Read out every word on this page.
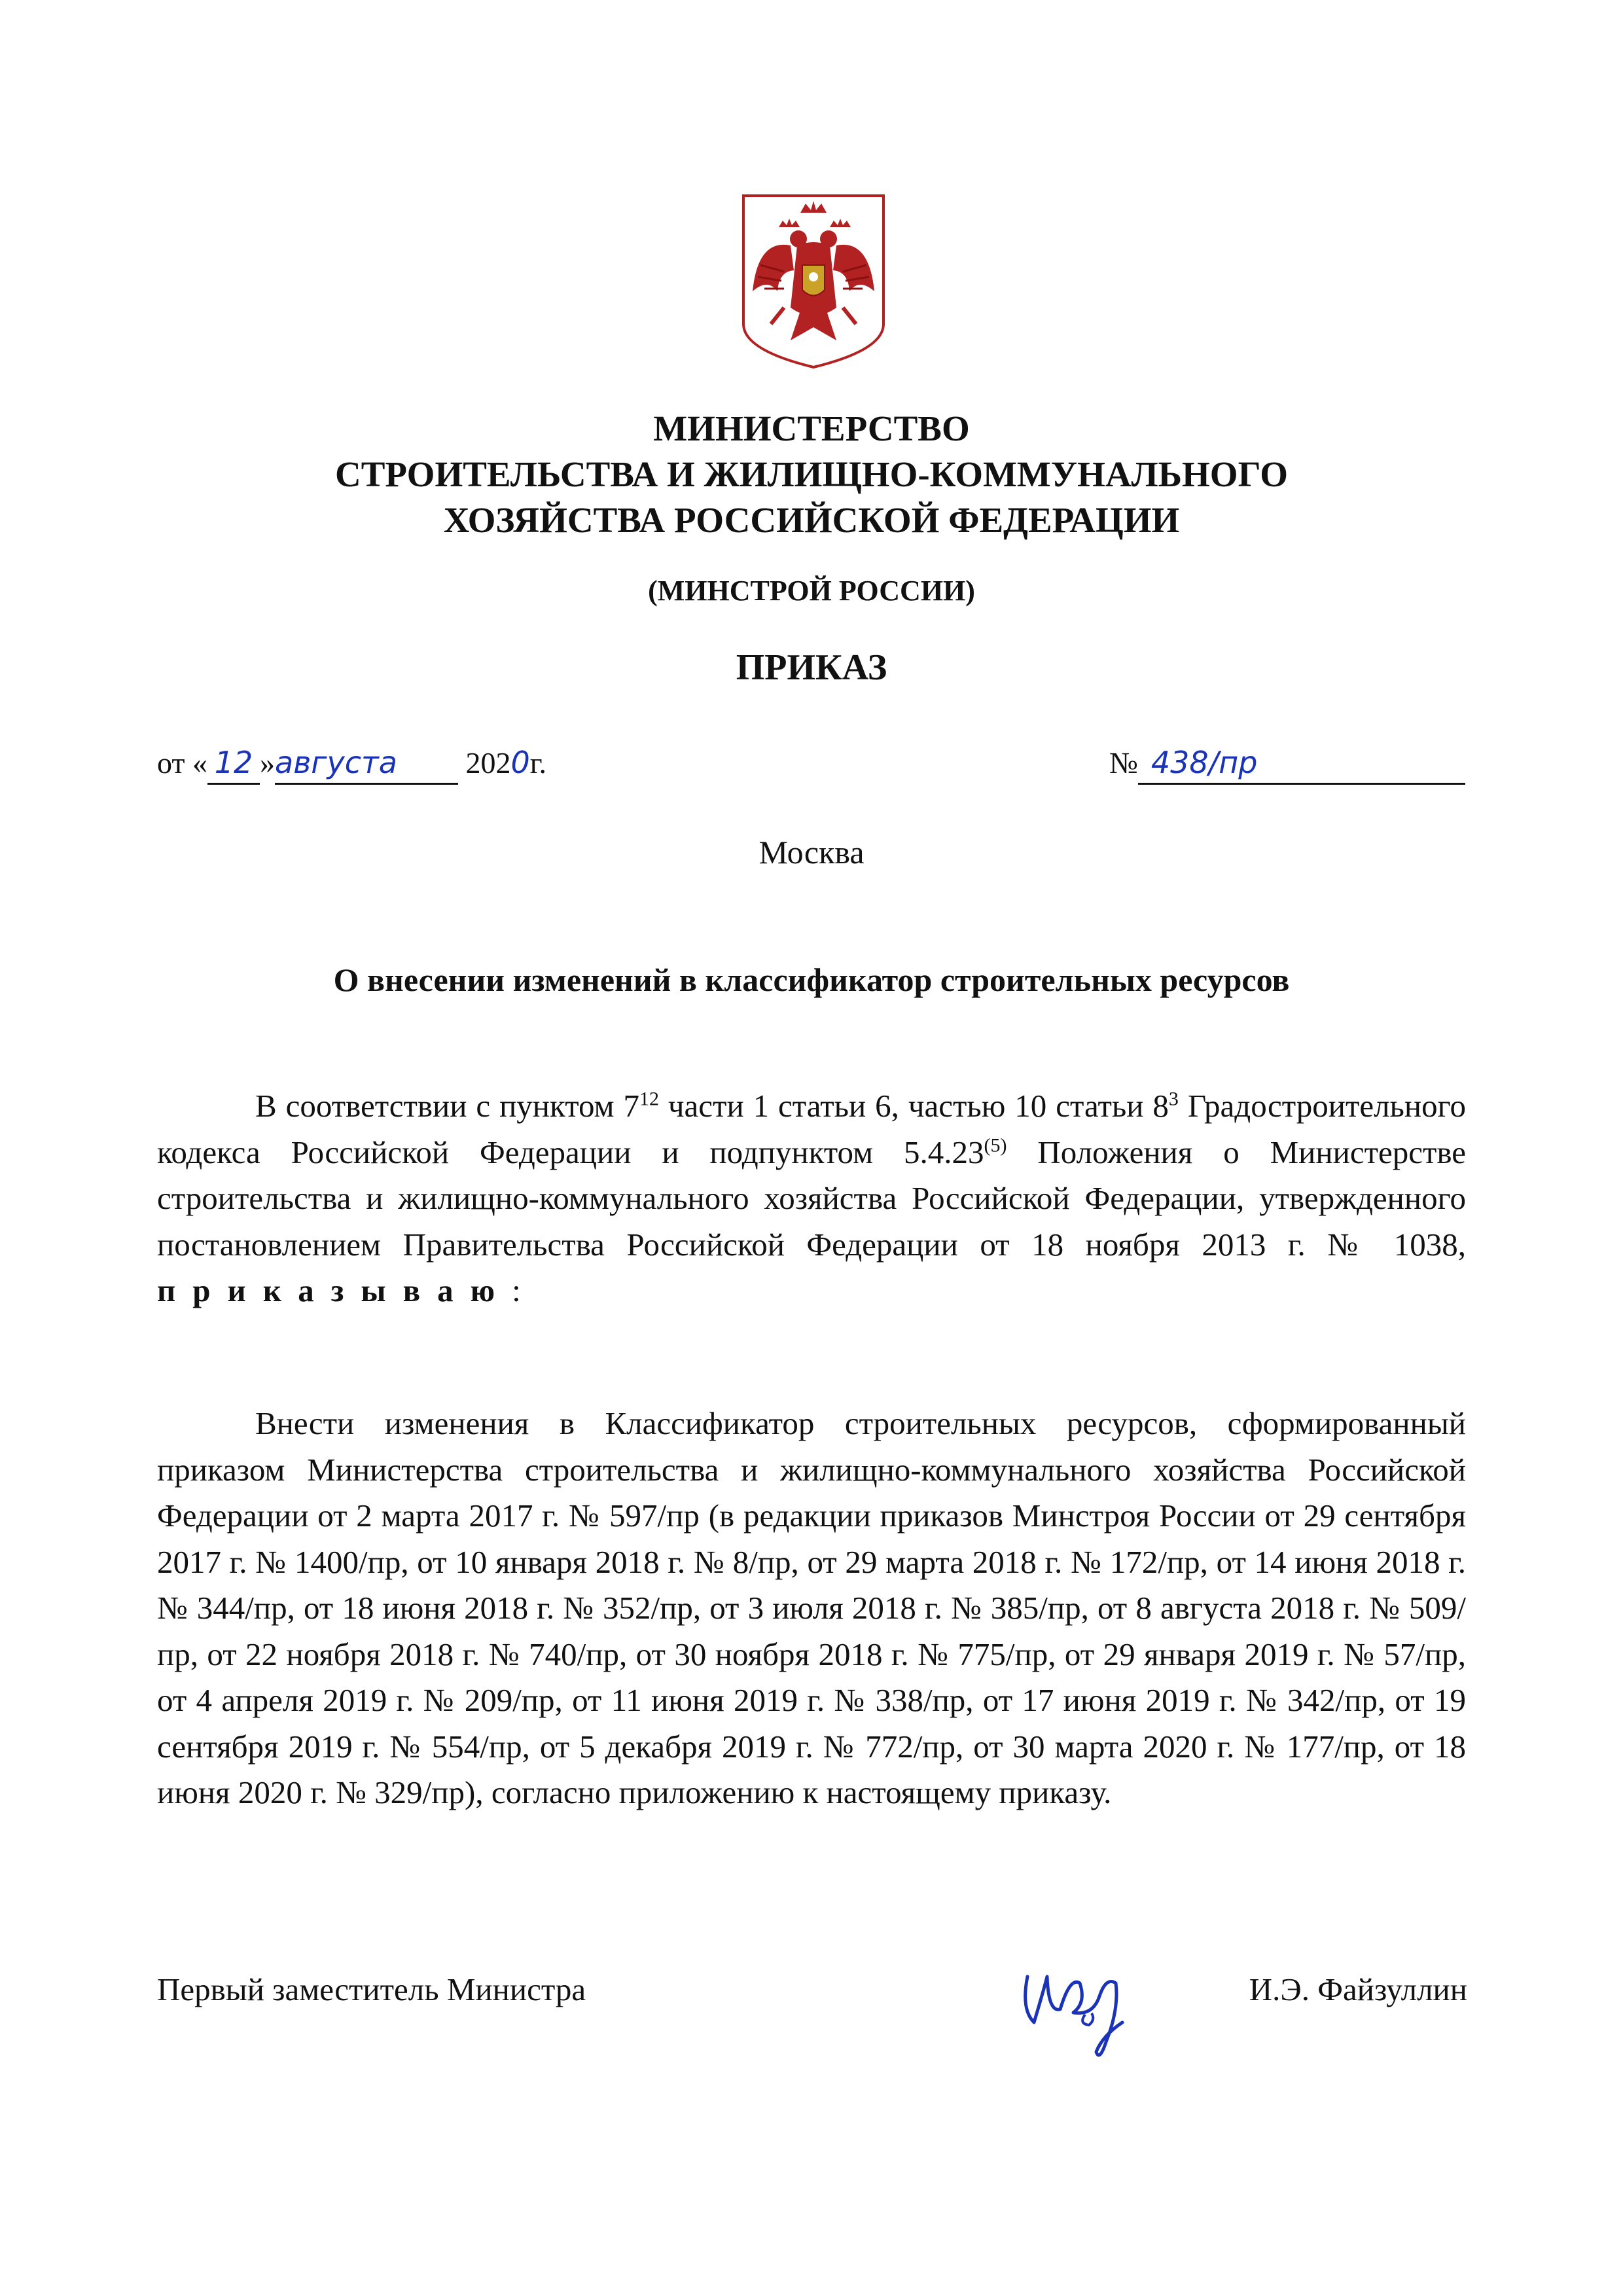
МИНИСТЕРСТВО
СТРОИТЕЛЬСТВА И ЖИЛИЩНО-КОММУНАЛЬНОГО
ХОЗЯЙСТВА РОССИЙСКОЙ ФЕДЕРАЦИИ
(МИНСТРОЙ РОССИИ)
ПРИКАЗ
от « 12 »августа 2020г.	№ 438/пр
Москва
О внесении изменений в классификатор строительных ресурсов

В соответствии с пунктом $7^{12}$ части 1 статьи 6, частью 10 статьи $8^3$ Градостроительного кодекса Российской Федерации и подпунктом 5.4.23$^{(5)}$ Положения о Министерстве строительства и жилищно-коммунального хозяйства Российской Федерации, утвержденного постановлением Правительства Российской Федерации от 18 ноября 2013 г. № 1038, приказываю:

Внести изменения в Классификатор строительных ресурсов, сформированный приказом Министерства строительства и жилищно-коммунального хозяйства Российской Федерации от 2 марта 2017 г. № 597/пр (в редакции приказов Минстроя России от 29 сентября 2017 г. № 1400/пр, от 10 января 2018 г. № 8/пр, от 29 марта 2018 г. № 172/пр, от 14 июня 2018 г. № 344/пр, от 18 июня 2018 г. № 352/пр, от 3 июля 2018 г. № 385/пр, от 8 августа 2018 г. № 509/пр, от 22 ноября 2018 г. № 740/пр, от 30 ноября 2018 г. № 775/пр, от 29 января 2019 г. № 57/пр, от 4 апреля 2019 г. № 209/пр, от 11 июня 2019 г. № 338/пр, от 17 июня 2019 г. № 342/пр, от 19 сентября 2019 г. № 554/пр, от 5 декабря 2019 г. № 772/пр, от 30 марта 2020 г. № 177/пр, от 18 июня 2020 г. № 329/пр), согласно приложению к настоящему приказу.

Первый заместитель Министра	И.Э. Файзуллин
